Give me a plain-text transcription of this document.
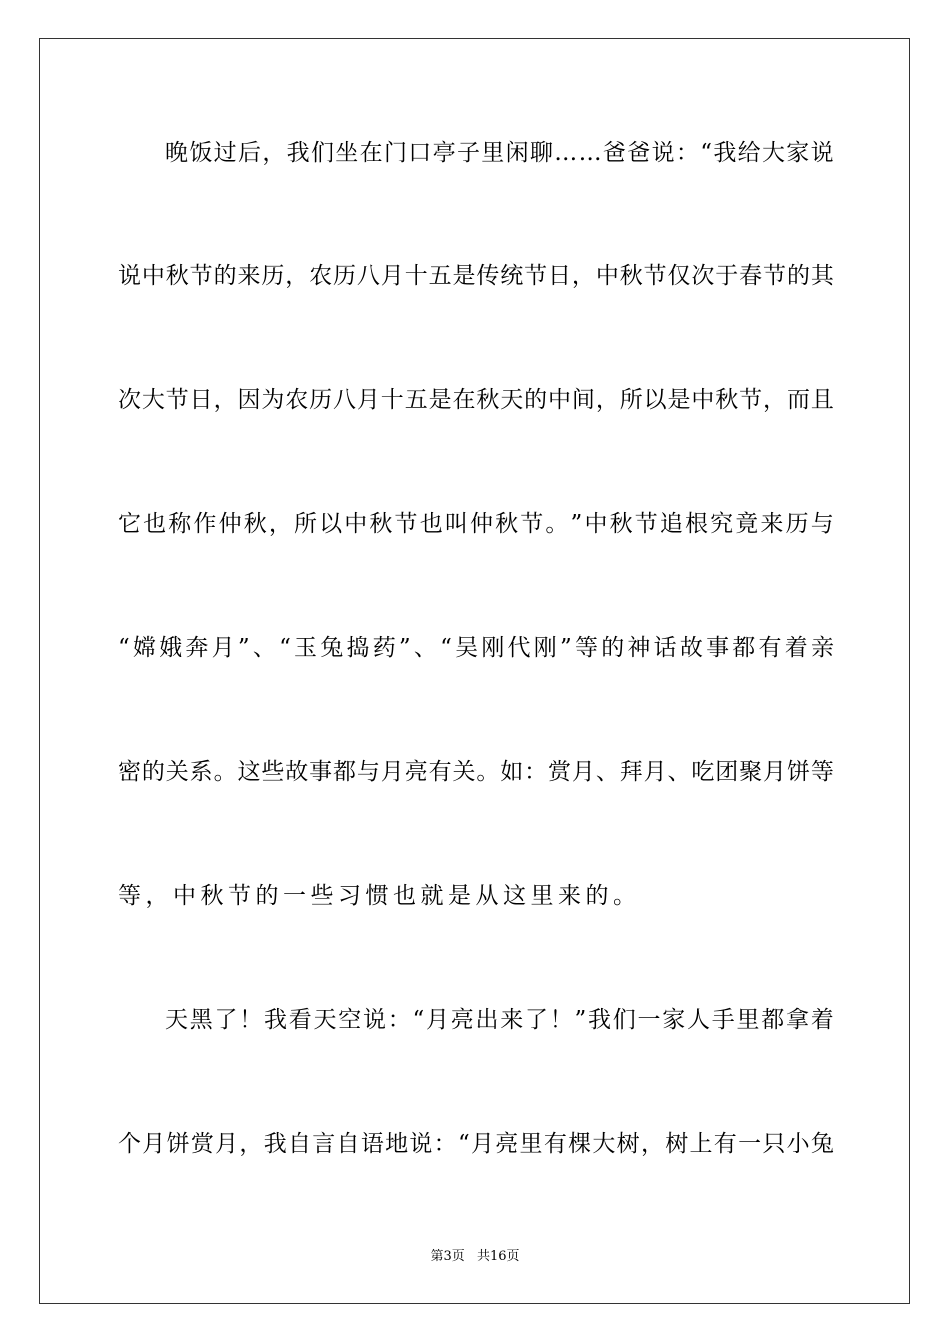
晚 饭 过 后 ， 我 们 坐 在 门 口 亭 子 里 闲 聊 … … 爸 爸 说 ： “ 我 给 大 家 说
说 中 秋 节 的 来 历 ， 农 历 八 月 十 五 是 传 统 节 日 ， 中 秋 节 仅 次 于 春 节 的 其
次 大 节 日 ， 因 为 农 历 八 月 十 五 是 在 秋 天 的 中 间 ， 所 以 是 中 秋 节 ， 而 且
它 也 称 作 仲 秋 ， 所 以 中 秋 节 也 叫 仲 秋 节 。 ” 中 秋 节 追 根 究 竟 来 历 与
“ 嫦 娥 奔 月 ” 、 “ 玉 兔 捣 药 ” 、 “ 吴 刚 代 刚 ” 等 的 神 话 故 事 都 有 着 亲
密 的 关 系 。 这 些 故 事 都 与 月 亮 有 关 。 如 ： 赏 月 、 拜 月 、 吃 团 聚 月 饼 等
等，中秋节的一些习惯也就是从这里来的。
天 黑 了 ！ 我 看 天 空 说 ： “ 月 亮 出 来 了 ！ ” 我 们 一 家 人 手 里 都 拿 着
个 月 饼 赏 月 ， 我 自 言 自 语 地 说 ： “ 月 亮 里 有 棵 大 树 ， 树 上 有 一 只 小 兔
第3页 共16页
